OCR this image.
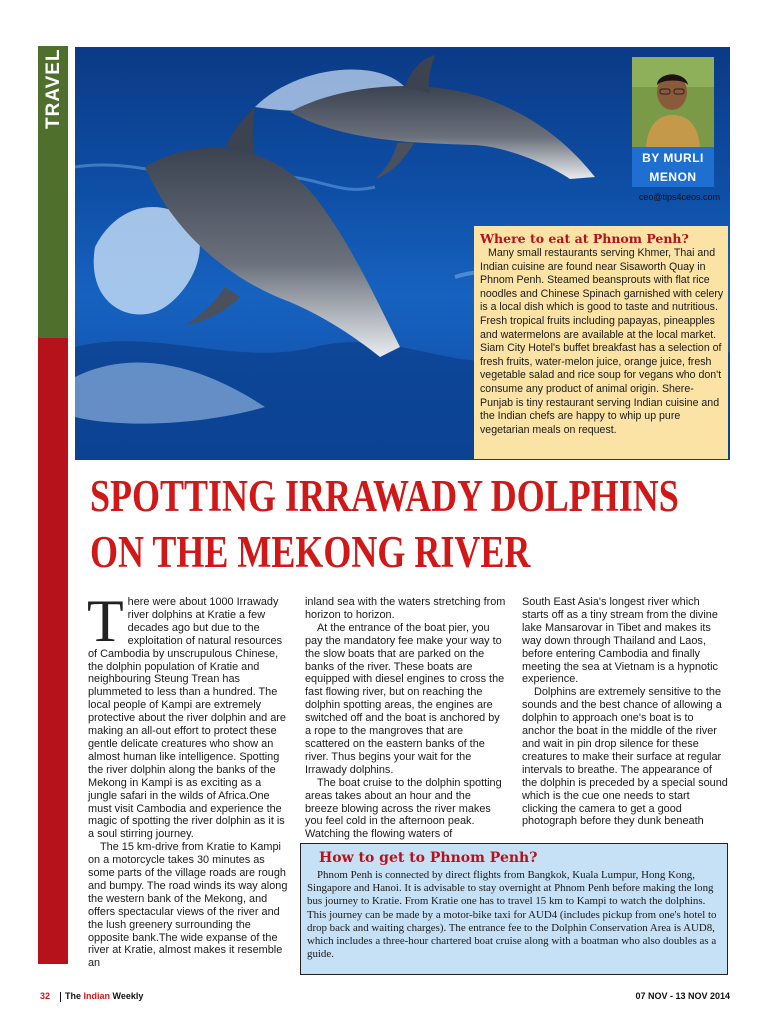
TRAVEL
BY MURLI
MENON
ceo@tips4ceos.com
Where to eat at Phnom Penh?
Many small restaurants serving Khmer, Thai and Indian cuisine are found near Sisaworth Quay in Phnom Penh. Steamed beansprouts with flat rice noodles and Chinese Spinach garnished with celery is a local dish which is good to taste and nutritious. Fresh tropical fruits including papayas, pineapples and watermelons are available at the local market. Siam City Hotel's buffet breakfast has a selection of fresh fruits, water-melon juice, orange juice, fresh vegetable salad and rice soup for vegans who don't consume any product of animal origin. Shere-Punjab is tiny restaurant serving Indian cuisine and the Indian chefs are happy to whip up pure vegetarian meals on request.
SPOTTING IRRAWADY DOLPHINS
ON THE MEKONG RIVER

There were about 1000 Irrawady river dolphins at Kratie a few decades ago but due to the exploitation of natural resources of Cambodia by unscrupulous Chinese, the dolphin population of Kratie and neighbouring Steung Trean has plummeted to less than a hundred. The local people of Kampi are extremely protective about the river dolphin and are making an all-out effort to protect these gentle delicate creatures who show an almost human like intelligence. Spotting the river dolphin along the banks of the Mekong in Kampi is as exciting as a jungle safari in the wilds of Africa.One must visit Cambodia and experience the magic of spotting the river dolphin as it is a soul stirring journey.

The 15 km-drive from Kratie to Kampi on a motorcycle takes 30 minutes as some parts of the village roads are rough and bumpy. The road winds its way along the western bank of the Mekong, and offers spectacular views of the river and the lush greenery surrounding the opposite bank.The wide expanse of the river at Kratie, almost makes it resemble an

inland sea with the waters stretching from horizon to horizon.

At the entrance of the boat pier, you pay the mandatory fee make your way to the slow boats that are parked on the banks of the river. These boats are equipped with diesel engines to cross the fast flowing river, but on reaching the dolphin spotting areas, the engines are switched off and the boat is anchored by a rope to the mangroves that are scattered on the eastern banks of the river. Thus begins your wait for the Irrawady dolphins.

The boat cruise to the dolphin spotting areas takes about an hour and the breeze blowing across the river makes you feel cold in the afternoon peak. Watching the flowing waters of

South East Asia's longest river which starts off as a tiny stream from the divine lake Mansarovar in Tibet and makes its way down through Thailand and Laos, before entering Cambodia and finally meeting the sea at Vietnam is a hypnotic experience.

Dolphins are extremely sensitive to the sounds and the best chance of allowing a dolphin to approach one's boat is to anchor the boat in the middle of the river and wait in pin drop silence for these creatures to make their surface at regular intervals to breathe. The appearance of the dolphin is preceded by a special sound which is the cue one needs to start clicking the camera to get a good photograph before they dunk beneath

How to get to Phnom Penh?
Phnom Penh is connected by direct flights from Bangkok, Kuala Lumpur, Hong Kong, Singapore and Hanoi. It is advisable to stay overnight at Phnom Penh before making the long bus journey to Kratie. From Kratie one has to travel 15 km to Kampi to watch the dolphins. This journey can be made by a motor-bike taxi for AUD4 (includes pickup from one's hotel to drop back and waiting charges). The entrance fee to the Dolphin Conservation Area is AUD8, which includes a three-hour chartered boat cruise along with a boatman who also doubles as a guide.
32	The Indian Weekly	07 NOV - 13 NOV 2014
